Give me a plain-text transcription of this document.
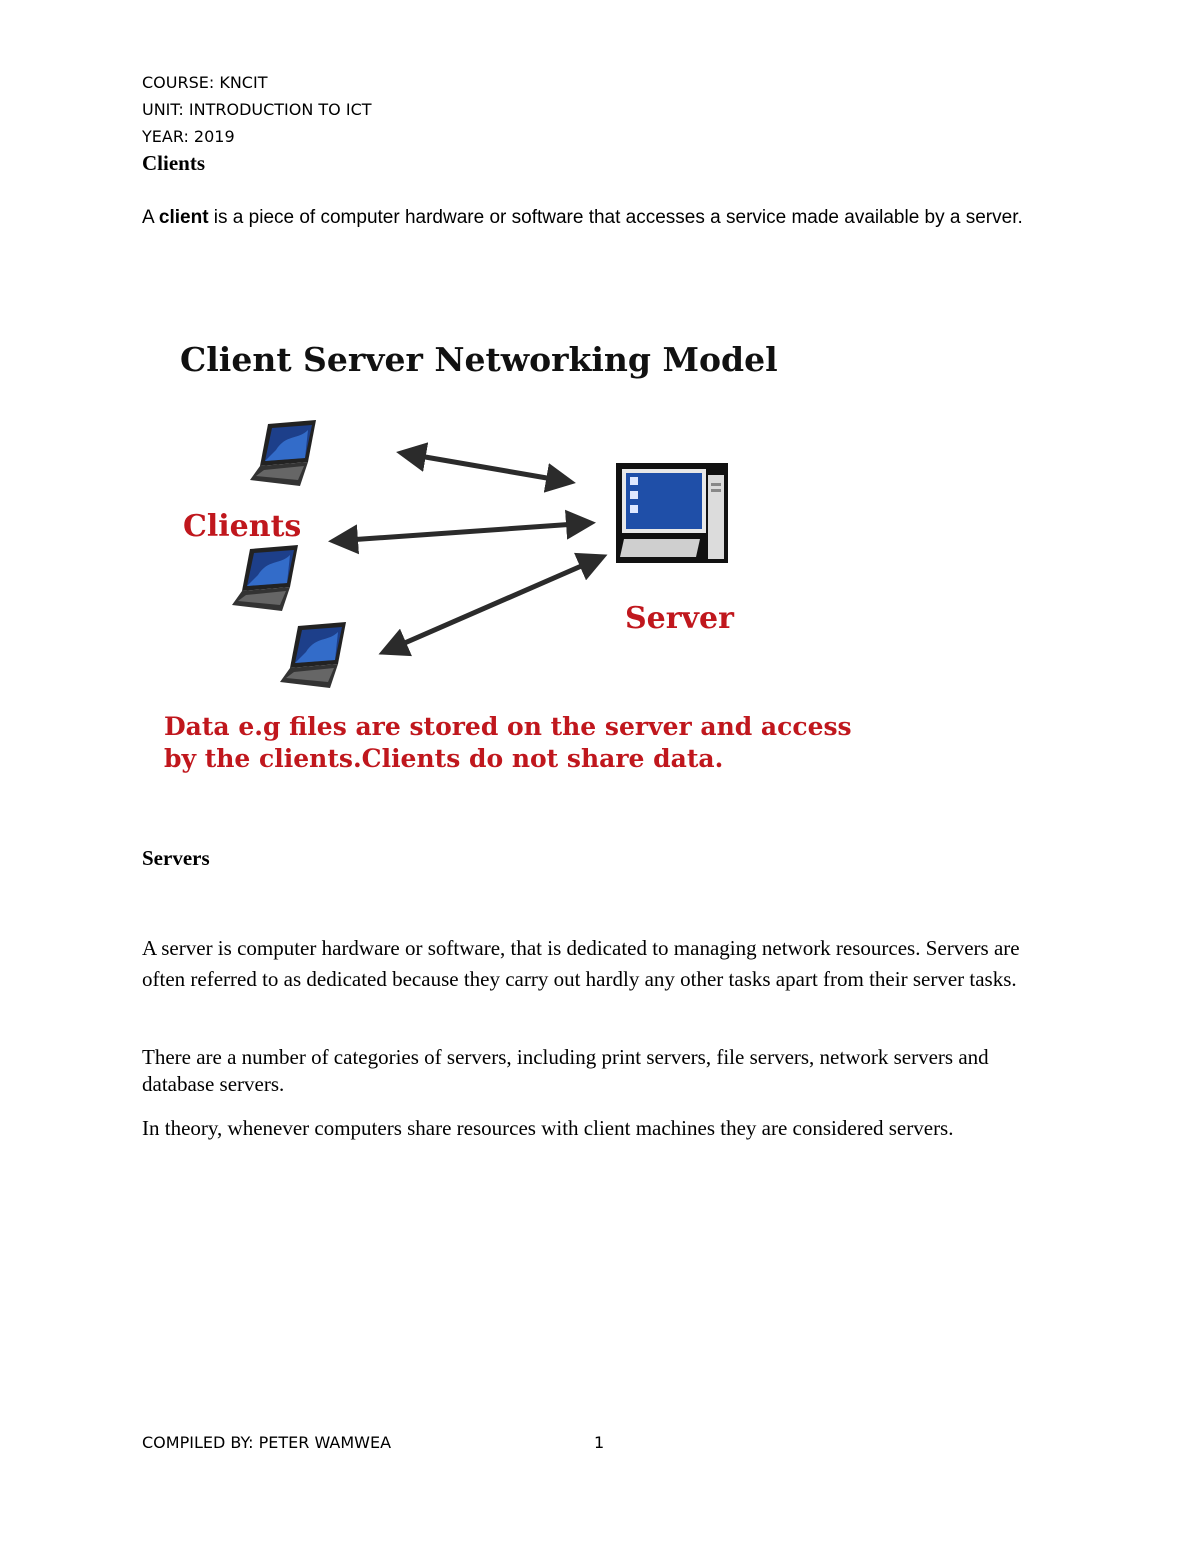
COURSE: KNCIT
UNIT: INTRODUCTION TO ICT
YEAR: 2019
Clients
A client is a piece of computer hardware or software that accesses a service made available by a server.
Client Server Networking Model
Clients
Server
Data e.g files are stored on the server and access
by the clients.Clients do not share data.
Servers
A server is computer hardware or software, that is dedicated to managing network resources. Servers are often referred to as dedicated because they carry out hardly any other tasks apart from their server tasks.
There are a number of categories of servers, including print servers, file servers, network servers and database servers.
In theory, whenever computers share resources with client machines they are considered servers.
COMPILED BY: PETER WAMWEA	1
